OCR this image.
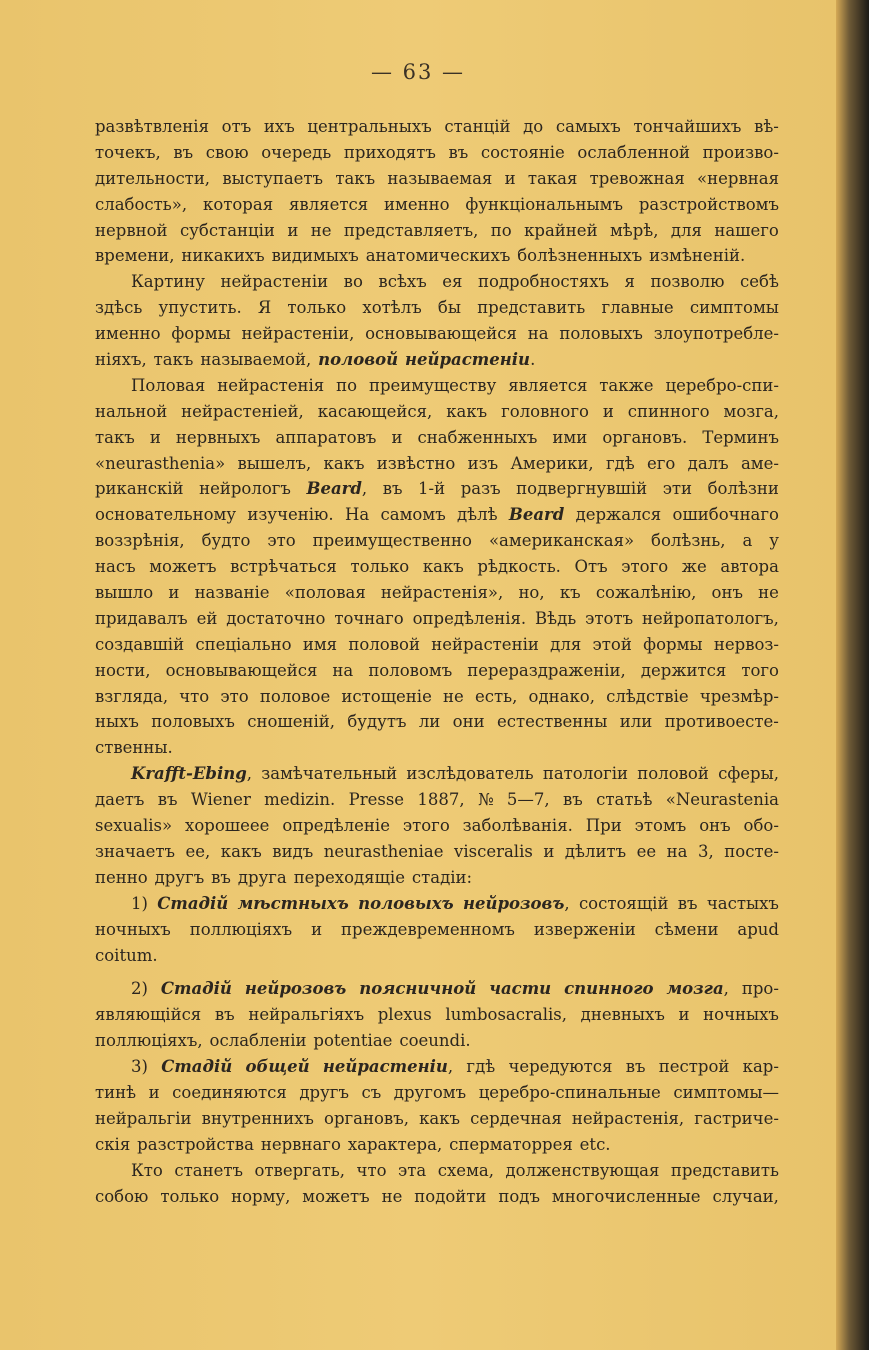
— 63 —
развѣтвленія отъ ихъ центральныхъ станцій до самыхъ тончайшихъ вѣ-
точекъ, въ свою очередь приходятъ въ состояніе ослабленной произво-
дительности, выступаетъ такъ называемая и такая тревожная «нервная
слабость», которая является именно функціональнымъ разстройствомъ
нервной субстанціи и не представляетъ, по крайней мѣрѣ, для нашего
времени, никакихъ видимыхъ анатомическихъ болѣзненныхъ измѣненій.
Картину нейрастеніи во всѣхъ ея подробностяхъ я позволю себѣ
здѣсь упустить. Я только хотѣлъ бы представить главные симптомы
именно формы нейрастеніи, основывающейся на половыхъ злоупотребле-
ніяхъ, такъ называемой, половой нейрастеніи.
Половая нейрастенія по преимуществу является также церебро-спи-
нальной нейрастеніей, касающейся, какъ головного и спинного мозга,
такъ и нервныхъ аппаратовъ и снабженныхъ ими органовъ. Терминъ
«neurasthenia» вышелъ, какъ извѣстно изъ Америки, гдѣ его далъ аме-
риканскій нейрологъ Beard, въ 1-й разъ подвергнувшій эти болѣзни
основательному изученію. На самомъ дѣлѣ Beard держался ошибочнаго
воззрѣнія, будто это преимущественно «американская» болѣзнь, а у
насъ можетъ встрѣчаться только какъ рѣдкость. Отъ этого же автора
вышло и названіе «половая нейрастенія», но, къ сожалѣнію, онъ не
придавалъ ей достаточно точнаго опредѣленія. Вѣдь этотъ нейропатологъ,
создавшій спеціально имя половой нейрастеніи для этой формы нервоз-
ности, основывающейся на половомъ перераздраженіи, держится того
взгляда, что это половое истощеніе не есть, однако, слѣдствіе чрезмѣр-
ныхъ половыхъ сношеній, будутъ ли они естественны или противоесте-
ственны.
Krafft-Ebing, замѣчательный изслѣдователь патологіи половой сферы,
даетъ въ Wiener medizin. Presse 1887, № 5—7, въ статьѣ «Neurastenia
sexualis» хорошеее опредѣленіе этого заболѣванія. При этомъ онъ обо-
значаетъ ее, какъ видъ neurastheniae visceralis и дѣлитъ ее на 3, посте-
пенно другъ въ друга переходящіе стадіи:
1) Стадій мѣстныхъ половыхъ нейрозовъ, состоящій въ частыхъ
ночныхъ поллюціяхъ и преждевременномъ изверженіи сѣмени apud
coitum.
2) Стадій нейрозовъ поясничной части спинного мозга, про-
являющійся въ нейральгіяхъ plexus lumbosacralis, дневныхъ и ночныхъ
поллюціяхъ, ослабленіи potentiae coeundi.
3) Стадій общей нейрастеніи, гдѣ чередуются въ пестрой кар-
тинѣ и соединяются другъ съ другомъ церебро-спинальные симптомы—
нейральгіи внутреннихъ органовъ, какъ сердечная нейрастенія, гастриче-
скія разстройства нервнаго характера, сперматоррея etc.
Кто станетъ отвергать, что эта схема, долженствующая представить
собою только норму, можетъ не подойти подъ многочисленные случаи,
